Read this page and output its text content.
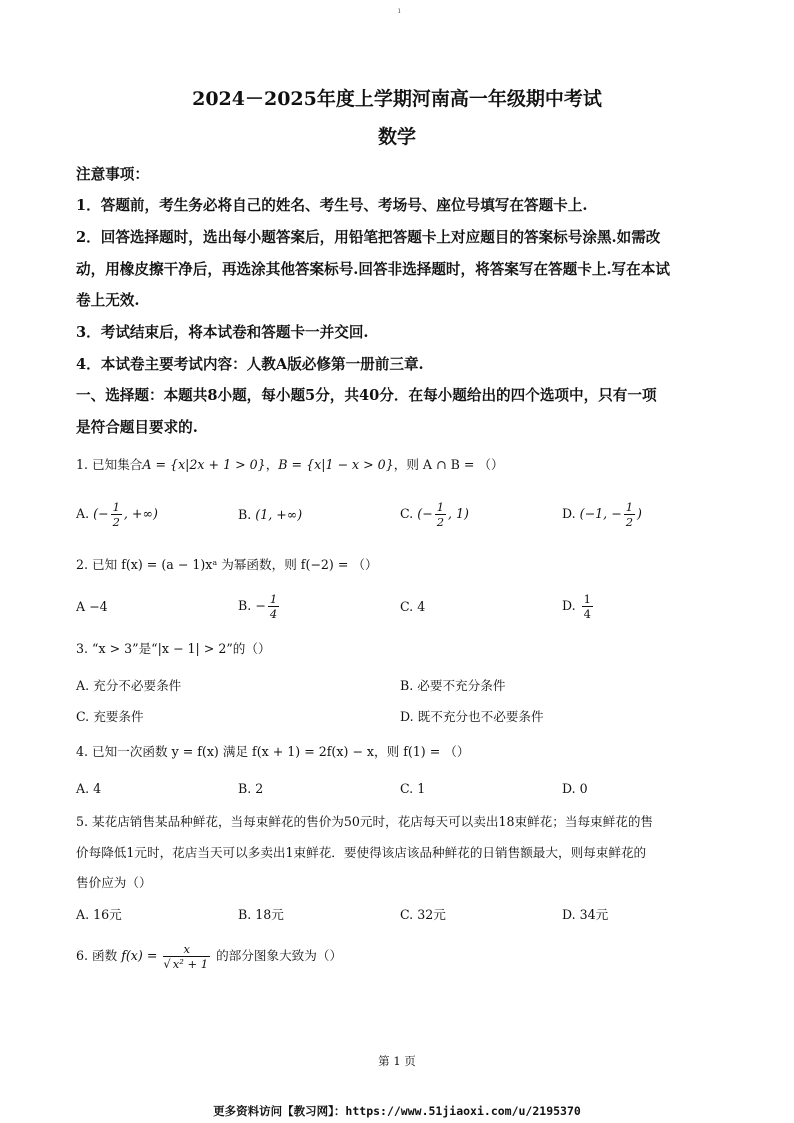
ı
2024－2025年度上学期河南高一年级期中考试
数学
注意事项：
1．答题前，考生务必将自己的姓名、考生号、考场号、座位号填写在答题卡上.
2．回答选择题时，选出每小题答案后，用铅笔把答题卡上对应题目的答案标号涂黑.如需改
动，用橡皮擦干净后，再选涂其他答案标号.回答非选择题时，将答案写在答题卡上.写在本试
卷上无效.
3．考试结束后，将本试卷和答题卡一并交回.
4．本试卷主要考试内容：人教A版必修第一册前三章.
一、选择题：本题共8小题，每小题5分，共40分．在每小题给出的四个选项中，只有一项
是符合题目要求的.
1. 已知集合A = {x|2x + 1 > 0}，B = {x|1 − x > 0}，则 A ∩ B = （）
A. (− $\frac{1}{2}$ , +∞)	B. (1, +∞)	C. (− $\frac{1}{2}$ , 1)	D. (−1, − $\frac{1}{2}$ )
2. 已知 f(x) = (a − 1)xᵃ 为幂函数，则 f(−2) = （）
A −4	B. − $\frac{1}{4}$	C. 4	D. $\frac{1}{4}$
3. “x > 3”是“|x − 1| > 2”的（）
A. 充分不必要条件	B. 必要不充分条件
C. 充要条件	D. 既不充分也不必要条件
4. 已知一次函数 y = f(x) 满足 f(x + 1) = 2f(x) − x，则 f(1) = （）
A. 4	B. 2	C. 1	D. 0
5. 某花店销售某品种鲜花，当每束鲜花的售价为50元时，花店每天可以卖出18束鲜花；当每束鲜花的售
价每降低1元时，花店当天可以多卖出1束鲜花．要使得该店该品种鲜花的日销售额最大，则每束鲜花的
售价应为（）
A. 16元	B. 18元	C. 32元	D. 34元
6. 函数 $f(x) = \frac{x}{\text{√ x² + 1}}$ 的部分图象大致为（）
第 1 页
更多资料访问【教习网】：https://www.51jiaoxi.com/u/2195370
